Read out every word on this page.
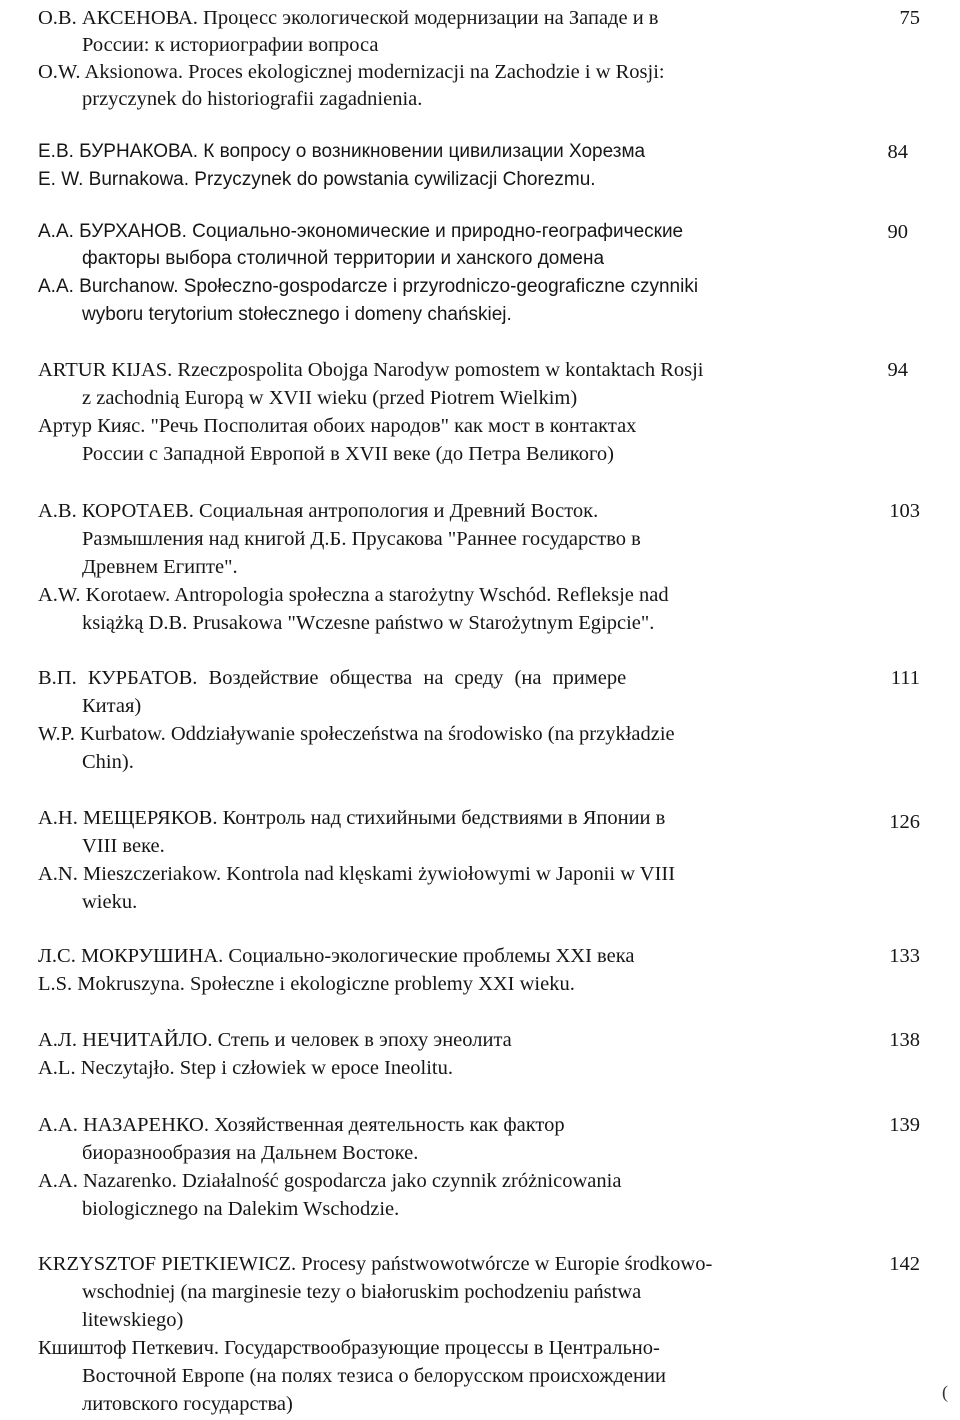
О.В. АКСЕНОВА. Процесс экологической модернизации на Западе и в
России: к историографии вопроса
O.W. Aksionowa. Proces ekologicznej modernizacji na Zachodzie i w Rosji:
przyczynek do historiografii zagadnienia.
75
Е.В. БУРНАКОВА. К вопросу о возникновении цивилизации Хорезма
E. W. Burnakowa. Przyczynek do powstania cywilizacji Chorezmu.
84
А.А. БУРХАНОВ. Социально-экономические и природно-географические
факторы выбора столичной территории и ханского домена
A.A. Burchanow. Społeczno-gospodarcze i przyrodniczo-geograficzne czynniki
wyboru terytorium stołecznego i domeny chańskiej.
90
ARTUR KIJAS. Rzeczpospolita Obojga Narodyw pomostem w kontaktach Rosji
z zachodnią Europą w XVII wieku (przed Piotrem Wielkim)
Артур Кияс. "Речь Посполитая обоих народов" как мост в контактах
России с Западной Европой в XVII веке (до Петра Великого)
94
А.В. КОРОТАЕВ. Социальная антропология и Древний Восток.
Размышления над книгой Д.Б. Прусакова "Раннее государство в
Древнем Египте".
A.W. Korotaew. Antropologia społeczna a starożytny Wschód. Refleksje nad
książką D.B. Prusakowa "Wczesne państwo w Starożytnym Egipcie".
103
В.П. КУРБАТОВ. Воздействие общества на среду (на примере
Китая)
W.P. Kurbatow. Oddziaływanie społeczeństwa na środowisko (na przykładzie
Chin).
111
А.Н. МЕЩЕРЯКОВ. Контроль над стихийными бедствиями в Японии в
VIII веке.
A.N. Mieszczeriakow. Kontrola nad klęskami żywiołowymi w Japonii w VIII
wieku.
126
Л.С. МОКРУШИНА. Социально-экологические проблемы XXI века
L.S. Mokruszyna. Społeczne i ekologiczne problemy XXI wieku.
133
А.Л. НЕЧИТАЙЛО. Степь и человек в эпоху энеолита
A.L. Neczytajło. Step i człowiek w epoce Ineolitu.
138
А.А. НАЗАРЕНКО. Хозяйственная деятельность как фактор
биоразнообразия на Дальнем Востоке.
A.A. Nazarenko. Działalność gospodarcza jako czynnik zróżnicowania
biologicznego na Dalekim Wschodzie.
139
KRZYSZTOF PIETKIEWICZ. Procesy państwowotwórcze w Europie środkowo-
wschodniej (na marginesie tezy o białoruskim pochodzeniu państwa
litewskiego)
Кшиштоф Петкевич. Государствообразующие процессы в Центрально-
Восточной Европе (на полях тезиса о белорусском происхождении
литовского государства)
142
(
